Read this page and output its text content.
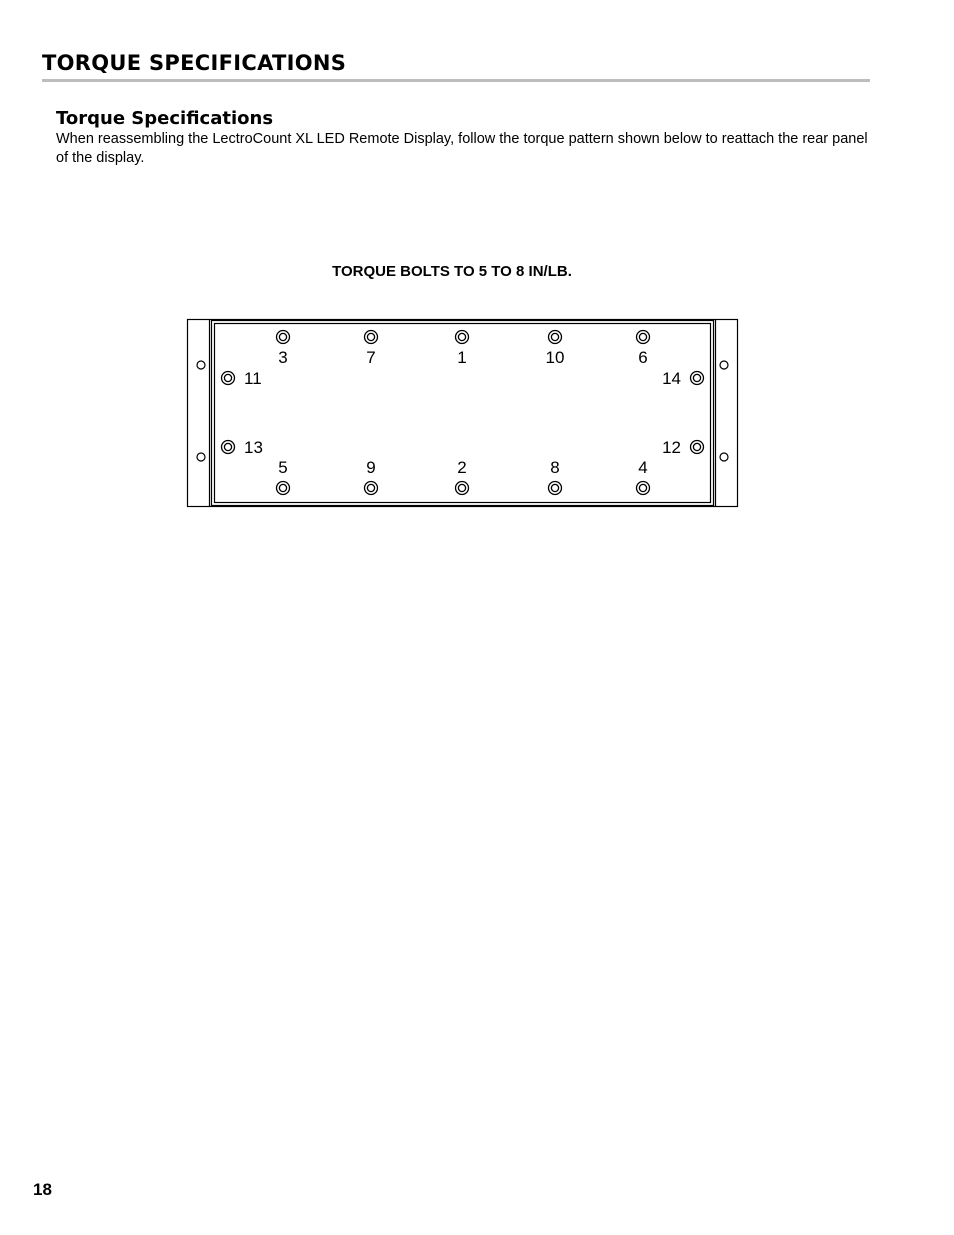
TORQUE SPECIFICATIONS
Torque Specifications

When reassembling the LectroCount XL LED Remote Display, follow the torque pattern shown below to reattach the rear panel of the display.

TORQUE BOLTS TO 5 TO 8 IN/LB.

3	7	1	10	6
11
13
14
12
5	9	2	8	4
18
